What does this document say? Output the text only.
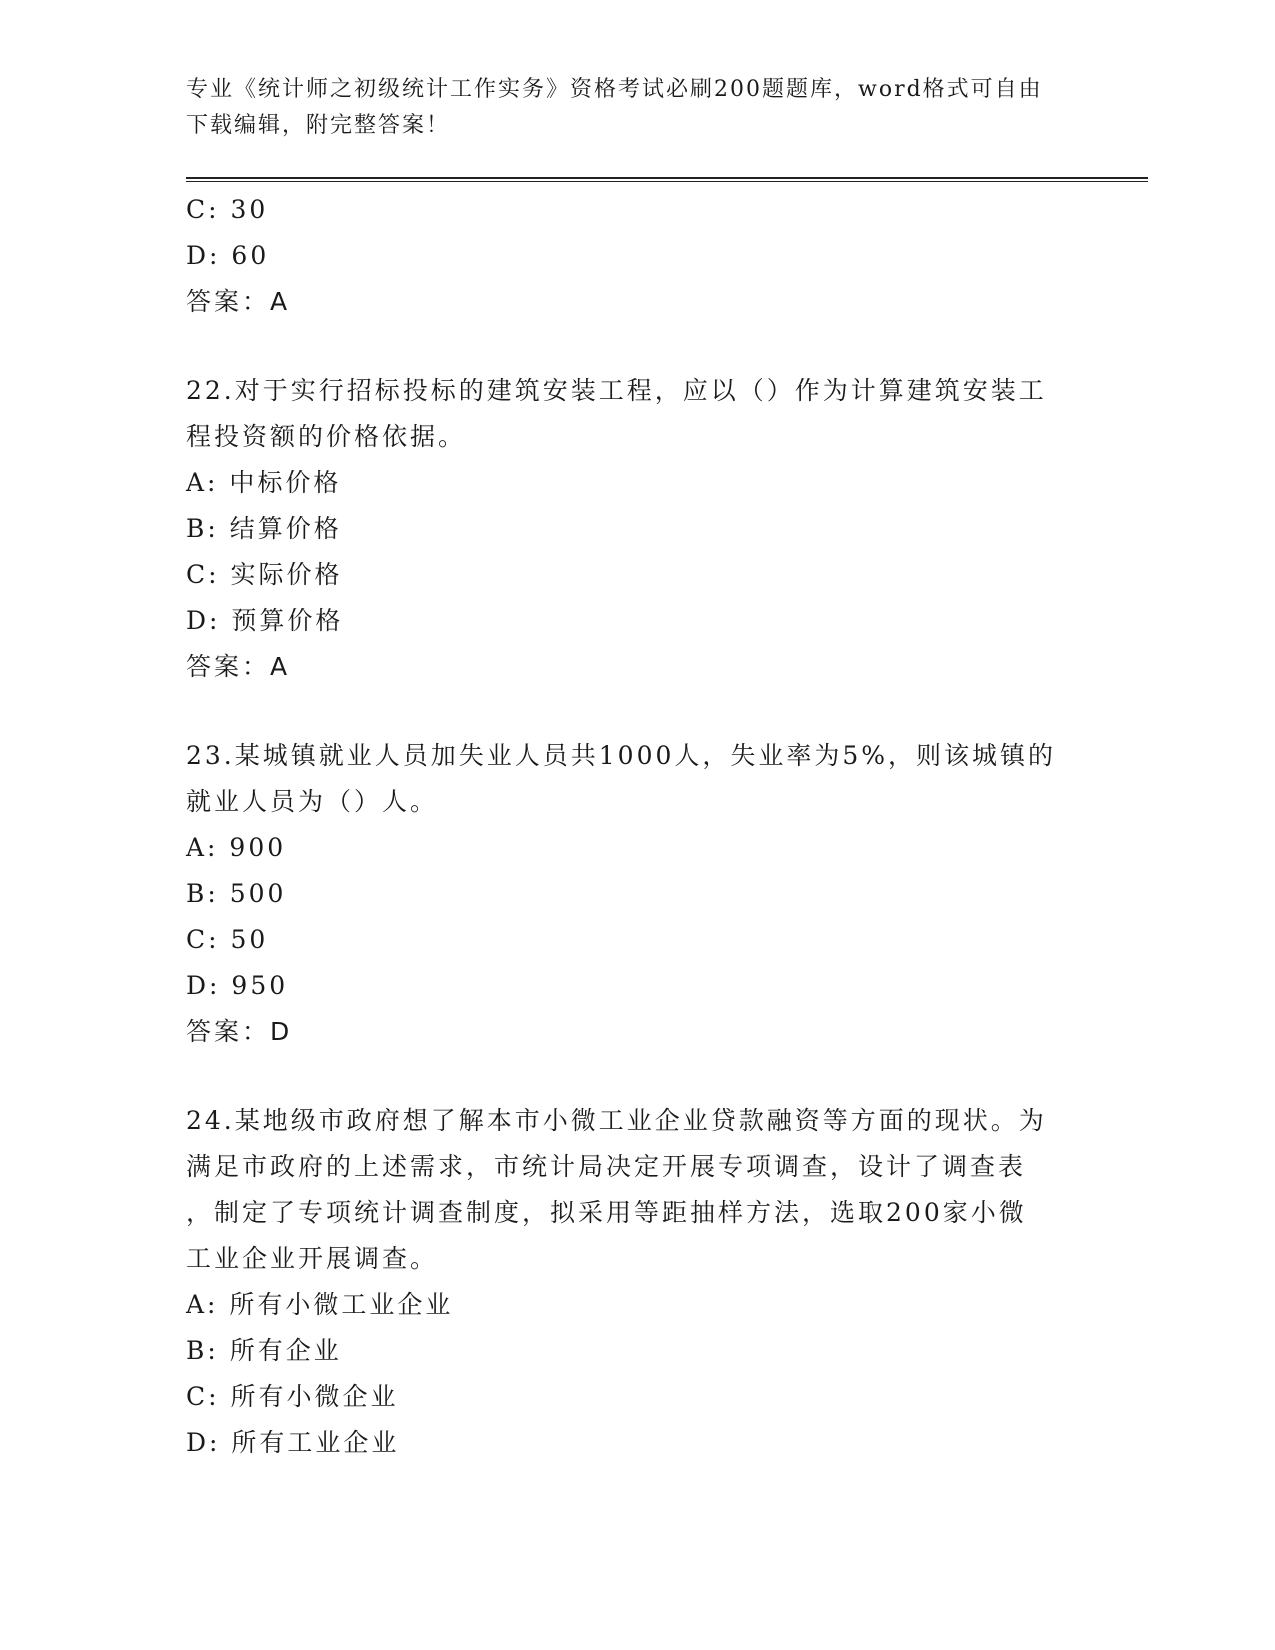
专业《统计师之初级统计工作实务》资格考试必刷200题题库，word格式可自由
下载编辑，附完整答案！
C: 30
D: 60
答案：A
22.对于实行招标投标的建筑安装工程，应以（）作为计算建筑安装工
程投资额的价格依据。
A: 中标价格
B: 结算价格
C: 实际价格
D: 预算价格
答案：A
23.某城镇就业人员加失业人员共1000人，失业率为5%，则该城镇的
就业人员为（）人。
A: 900
B: 500
C: 50
D: 950
答案：D
24.某地级市政府想了解本市小微工业企业贷款融资等方面的现状。为
满足市政府的上述需求，市统计局决定开展专项调查，设计了调查表
，制定了专项统计调查制度，拟采用等距抽样方法，选取200家小微
工业企业开展调查。
A: 所有小微工业企业
B: 所有企业
C: 所有小微企业
D: 所有工业企业
